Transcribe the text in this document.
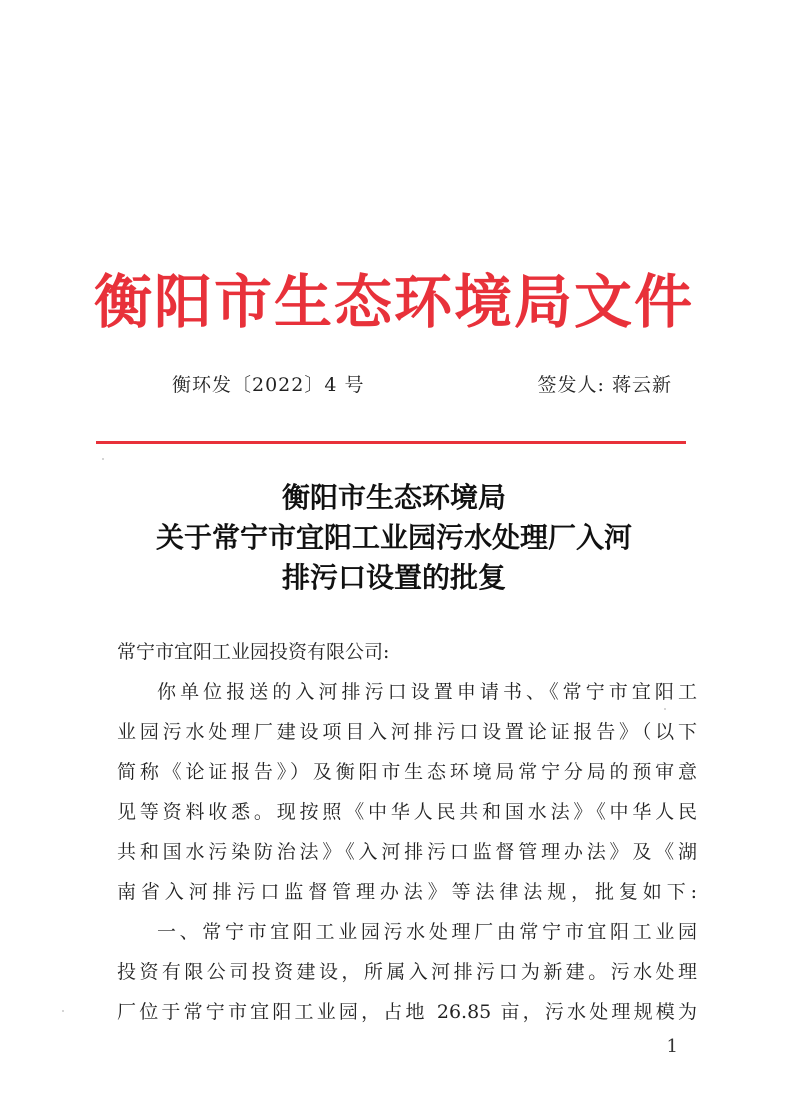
衡阳市生态环境局文件
衡环发〔2022〕4 号	签发人: 蒋云新
衡阳市生态环境局
关于常宁市宜阳工业园污水处理厂入河
排污口设置的批复
常宁市宜阳工业园投资有限公司:
你单位报送的入河排污口设置申请书、《常宁市宜阳工
业园污水处理厂建设项目入河排污口设置论证报告》（以下
简称《论证报告》）及衡阳市生态环境局常宁分局的预审意
见等资料收悉。现按照《中华人民共和国水法》《中华人民
共和国水污染防治法》《入河排污口监督管理办法》及《湖
南省入河排污口监督管理办法》等法律法规，批复如下:
一、常宁市宜阳工业园污水处理厂由常宁市宜阳工业园
投资有限公司投资建设，所属入河排污口为新建。污水处理
厂位于常宁市宜阳工业园，占地 26.85 亩，污水处理规模为
1
